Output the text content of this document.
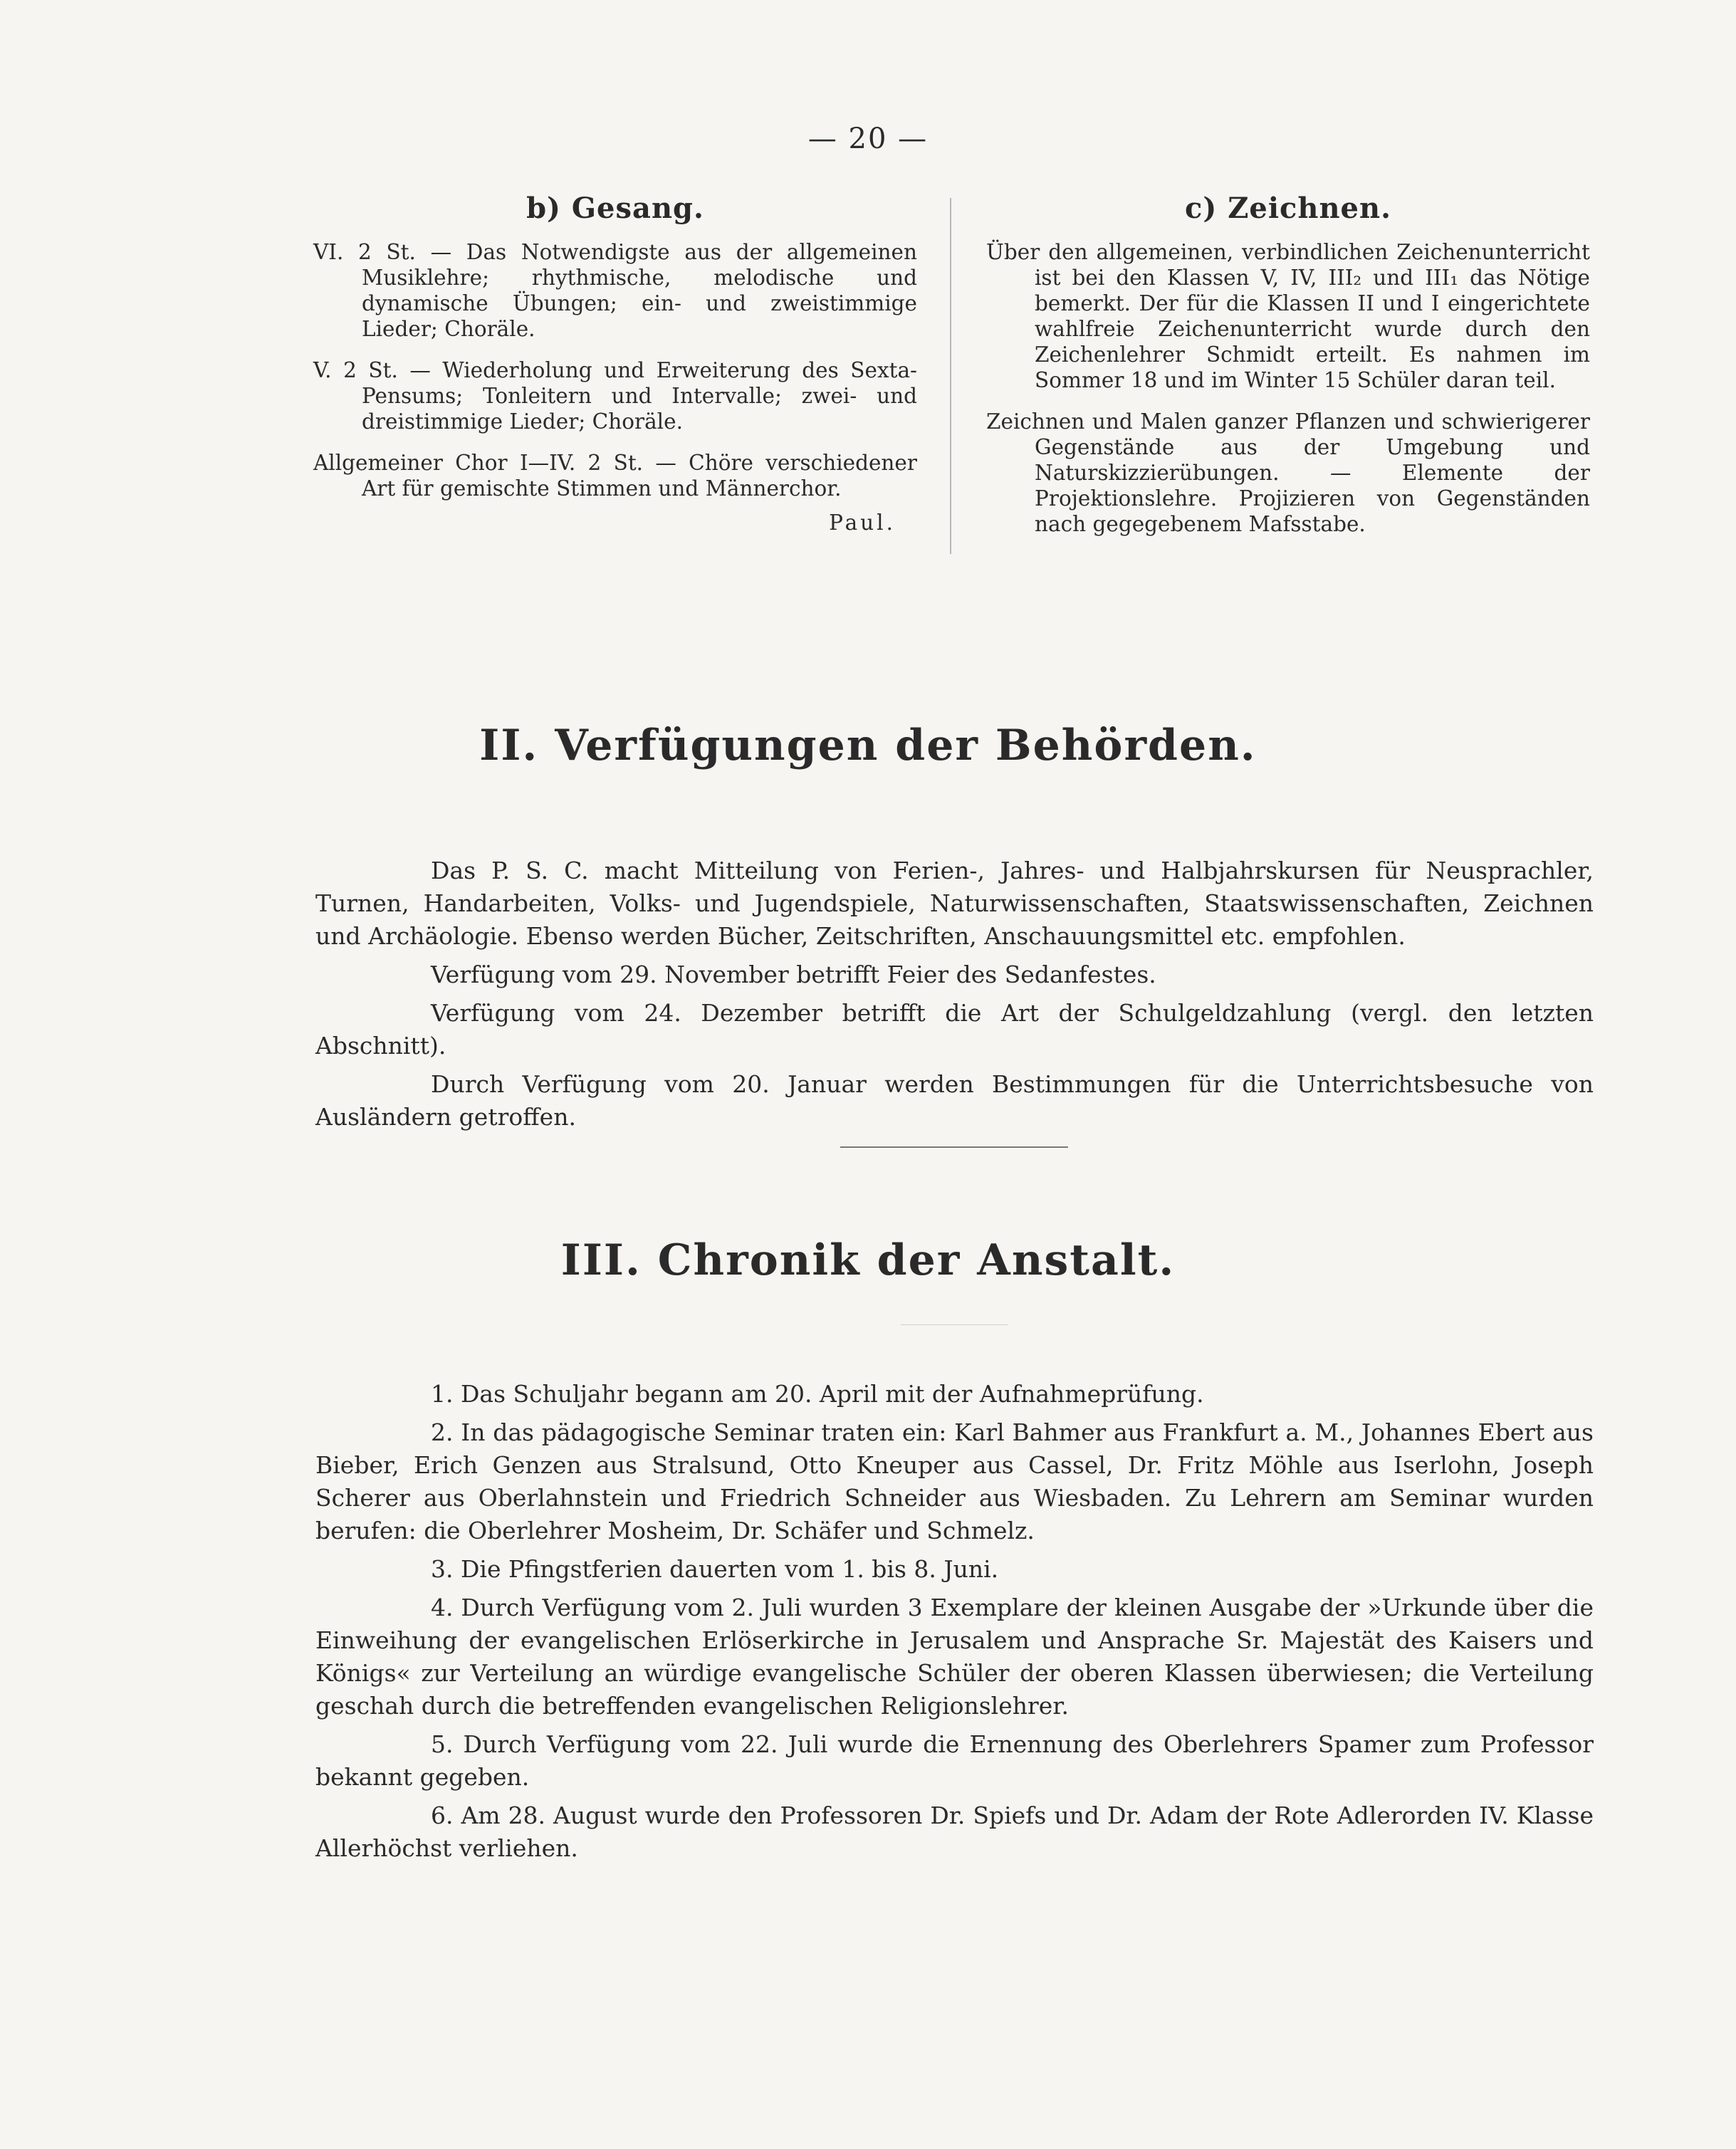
— 20 —
b) Gesang.

VI. 2 St. — Das Notwendigste aus der allgemeinen Musiklehre; rhythmische, melodische und dynamische Übungen; ein- und zweistimmige Lieder; Choräle.

V. 2 St. — Wiederholung und Erweiterung des Sexta-Pensums; Tonleitern und Intervalle; zwei- und dreistimmige Lieder; Choräle.

Allgemeiner Chor I—IV. 2 St. — Chöre verschiedener Art für gemischte Stimmen und Männerchor.

Paul.
c) Zeichnen.

Über den allgemeinen, verbindlichen Zeichenunterricht ist bei den Klassen V, IV, III₂ und III₁ das Nötige bemerkt. Der für die Klassen II und I eingerichtete wahlfreie Zeichenunterricht wurde durch den Zeichenlehrer Schmidt erteilt. Es nahmen im Sommer 18 und im Winter 15 Schüler daran teil.

Zeichnen und Malen ganzer Pflanzen und schwierigerer Gegenstände aus der Umgebung und Naturskizzierübungen. — Elemente der Projektionslehre. Projizieren von Gegenständen nach gegegebenem Mafsstabe.

II. Verfügungen der Behörden.

Das P. S. C. macht Mitteilung von Ferien-, Jahres- und Halbjahrskursen für Neusprachler, Turnen, Handarbeiten, Volks- und Jugendspiele, Naturwissenschaften, Staatswissenschaften, Zeichnen und Archäologie. Ebenso werden Bücher, Zeitschriften, Anschauungsmittel etc. empfohlen.

Verfügung vom 29. November betrifft Feier des Sedanfestes.

Verfügung vom 24. Dezember betrifft die Art der Schulgeldzahlung (vergl. den letzten Abschnitt).

Durch Verfügung vom 20. Januar werden Bestimmungen für die Unterrichtsbesuche von Ausländern getroffen.

III. Chronik der Anstalt.

1. Das Schuljahr begann am 20. April mit der Aufnahmeprüfung.

2. In das pädagogische Seminar traten ein: Karl Bahmer aus Frankfurt a. M., Johannes Ebert aus Bieber, Erich Genzen aus Stralsund, Otto Kneuper aus Cassel, Dr. Fritz Möhle aus Iserlohn, Joseph Scherer aus Oberlahnstein und Friedrich Schneider aus Wiesbaden. Zu Lehrern am Seminar wurden berufen: die Oberlehrer Mosheim, Dr. Schäfer und Schmelz.

3. Die Pfingstferien dauerten vom 1. bis 8. Juni.

4. Durch Verfügung vom 2. Juli wurden 3 Exemplare der kleinen Ausgabe der »Urkunde über die Einweihung der evangelischen Erlöserkirche in Jerusalem und Ansprache Sr. Majestät des Kaisers und Königs« zur Verteilung an würdige evangelische Schüler der oberen Klassen überwiesen; die Verteilung geschah durch die betreffenden evangelischen Religionslehrer.

5. Durch Verfügung vom 22. Juli wurde die Ernennung des Oberlehrers Spamer zum Professor bekannt gegeben.

6. Am 28. August wurde den Professoren Dr. Spiefs und Dr. Adam der Rote Adlerorden IV. Klasse Allerhöchst verliehen.
